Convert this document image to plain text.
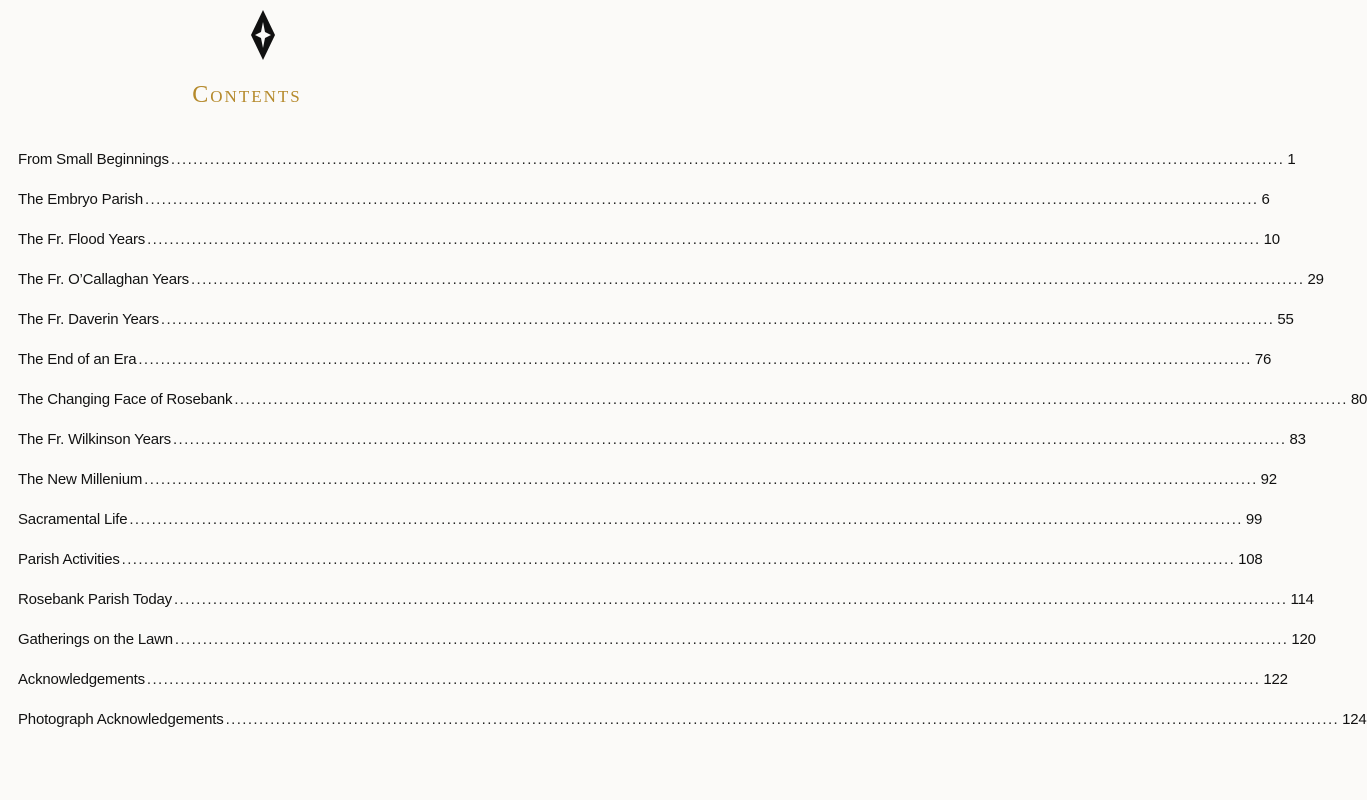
Contents
From Small Beginnings ........................................................................................................................................................................................................ 1
The Embryo Parish ........................................................................................................................................................................................................ 6
The Fr. Flood Years ........................................................................................................................................................................................................ 10
The Fr. O’Callaghan Years ........................................................................................................................................................................................................ 29
The Fr. Daverin Years ........................................................................................................................................................................................................ 55
The End of an Era ........................................................................................................................................................................................................ 76
The Changing Face of Rosebank ........................................................................................................................................................................................................ 80
The Fr. Wilkinson Years ........................................................................................................................................................................................................ 83
The New Millenium ........................................................................................................................................................................................................ 92
Sacramental Life ........................................................................................................................................................................................................ 99
Parish Activities ........................................................................................................................................................................................................ 108
Rosebank Parish Today ........................................................................................................................................................................................................ 114
Gatherings on the Lawn ........................................................................................................................................................................................................ 120
Acknowledgements ........................................................................................................................................................................................................ 122
Photograph Acknowledgements ........................................................................................................................................................................................................ 124
